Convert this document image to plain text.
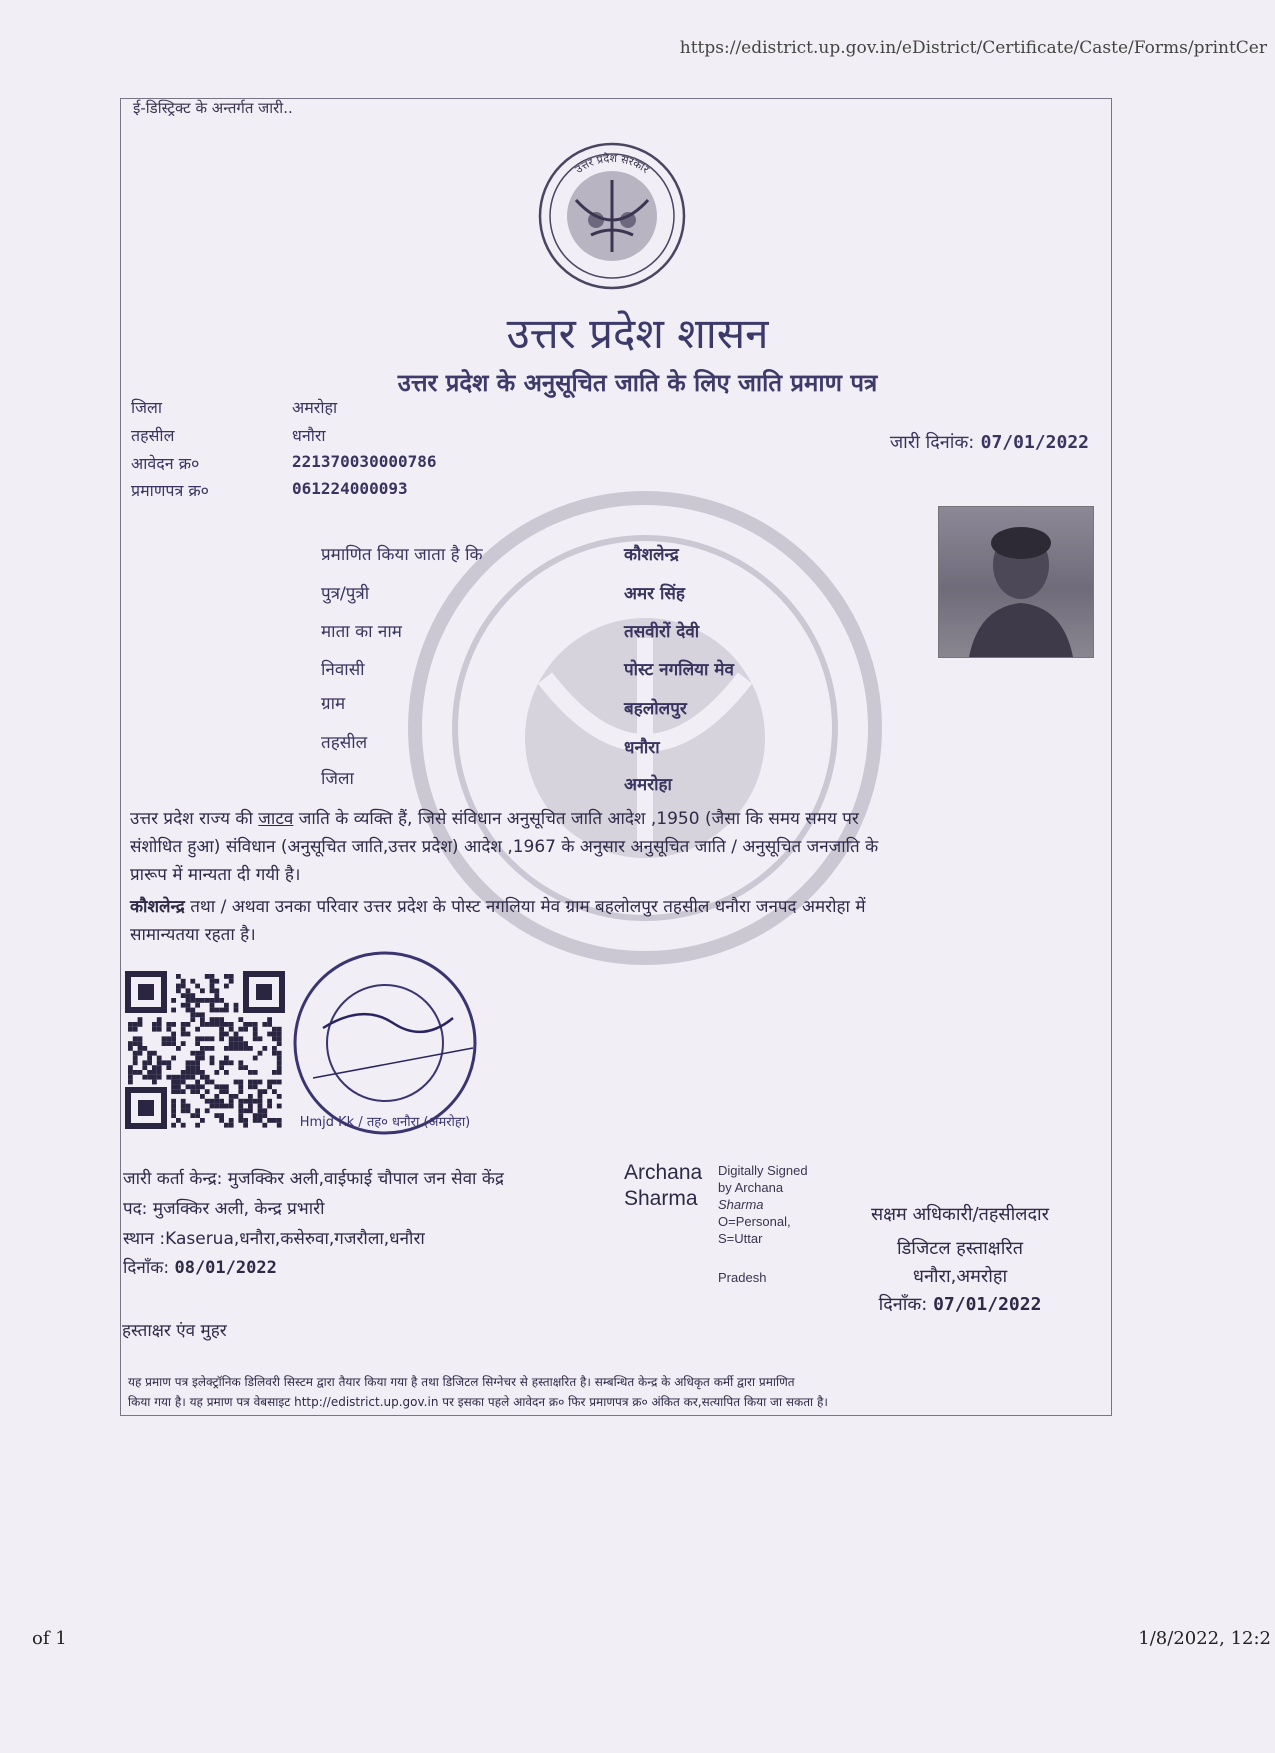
https://edistrict.up.gov.in/eDistrict/Certificate/Caste/Forms/printCer
ई-डिस्ट्रिक्ट के अन्तर्गत जारी..
उत्तर प्रदेश सरकार
उत्तर प्रदेश शासन
उत्तर प्रदेश के अनुसूचित जाति के लिए जाति प्रमाण पत्र
जिला	अमरोहा
तहसील	धनौरा
आवेदन क्र०	221370030000786
प्रमाणपत्र क्र०	061224000093
जारी दिनांक: 07/01/2022
प्रमाणित किया जाता है कि	कौशलेन्द्र
पुत्र/पुत्री	अमर सिंह
माता का नाम	तसवीरों देवी
निवासी	पोस्ट नगलिया मेव
ग्राम	बहलोलपुर
तहसील	धनौरा
जिला	अमरोहा
उत्तर प्रदेश राज्य की जाटव जाति के व्यक्ति हैं, जिसे संविधान अनुसूचित जाति आदेश ,1950 (जैसा कि समय समय पर
संशोधित हुआ) संविधान (अनुसूचित जाति,उत्तर प्रदेश) आदेश ,1967 के अनुसार अनुसूचित जाति / अनुसूचित जनजाति के
प्रारूप में मान्यता दी गयी है।
कौशलेन्द्र तथा / अथवा उनका परिवार उत्तर प्रदेश के पोस्ट नगलिया मेव ग्राम बहलोलपुर तहसील धनौरा जनपद अमरोहा में
सामान्यतया रहता है।
Hmjd Kk / तह० धनौरा (अमरोहा)
जारी कर्ता केन्द्र: मुजक्किर अली,वाईफाई चौपाल जन सेवा केंद्र
पद: मुजक्किर अली, केन्द्र प्रभारी
स्थान :Kaserua,धनौरा,कसेरुवा,गजरौला,धनौरा
दिनाँक: 08/01/2022
Archana
Sharma
Digitally Signed
by Archana
Sharma
O=Personal,
S=Uttar
Pradesh
सक्षम अधिकारी/तहसीलदार
डिजिटल हस्ताक्षरित
धनौरा,अमरोहा
दिनाँक: 07/01/2022
हस्ताक्षर एंव मुहर
यह प्रमाण पत्र इलेक्ट्रॉनिक डिलिवरी सिस्टम द्वारा तैयार किया गया है तथा डिजिटल सिग्नेचर से हस्ताक्षरित है। सम्बन्धित केन्द्र के अधिकृत कर्मी द्वारा प्रमाणित
किया गया है। यह प्रमाण पत्र वेबसाइट http://edistrict.up.gov.in पर इसका पहले आवेदन क्र० फिर प्रमाणपत्र क्र० अंकित कर,सत्यापित किया जा सकता है।
of 1	1/8/2022, 12:2
